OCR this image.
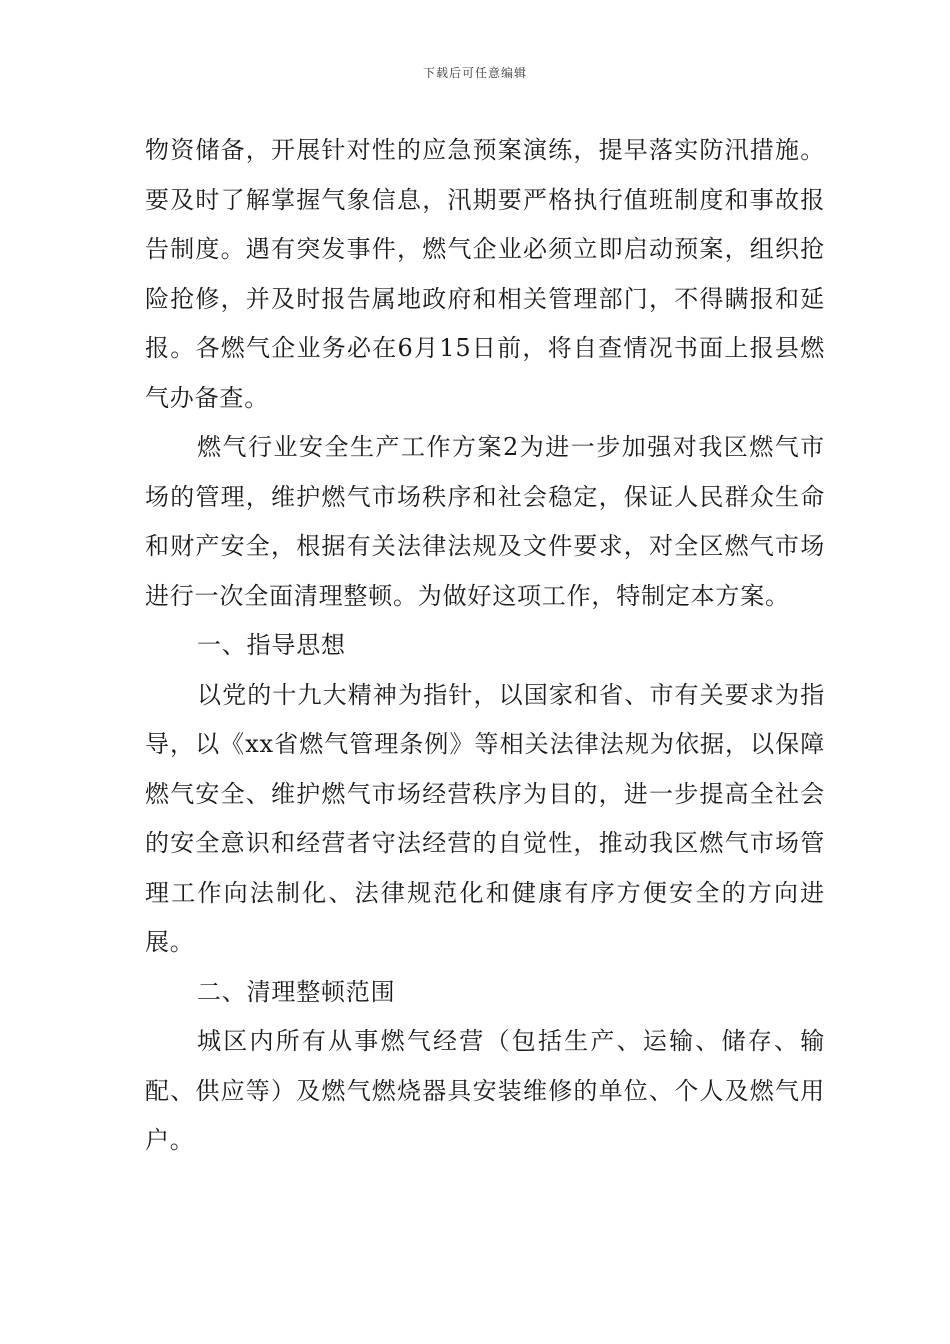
下载后可任意编辑

物资储备，开展针对性的应急预案演练，提早落实防汛措施。要及时了解掌握气象信息，汛期要严格执行值班制度和事故报告制度。遇有突发事件，燃气企业必须立即启动预案，组织抢险抢修，并及时报告属地政府和相关管理部门，不得瞒报和延报。各燃气企业务必在6月15日前，将自查情况书面上报县燃气办备查。

燃气行业安全生产工作方案2为进一步加强对我区燃气市场的管理，维护燃气市场秩序和社会稳定，保证人民群众生命和财产安全，根据有关法律法规及文件要求，对全区燃气市场进行一次全面清理整顿。为做好这项工作，特制定本方案。

一、指导思想

以党的十九大精神为指针，以国家和省、市有关要求为指导，以《xx省燃气管理条例》等相关法律法规为依据，以保障燃气安全、维护燃气市场经营秩序为目的，进一步提高全社会的安全意识和经营者守法经营的自觉性，推动我区燃气市场管理工作向法制化、法律规范化和健康有序方便安全的方向进展。

二、清理整顿范围

城区内所有从事燃气经营（包括生产、运输、储存、输配、供应等）及燃气燃烧器具安装维修的单位、个人及燃气用户。
